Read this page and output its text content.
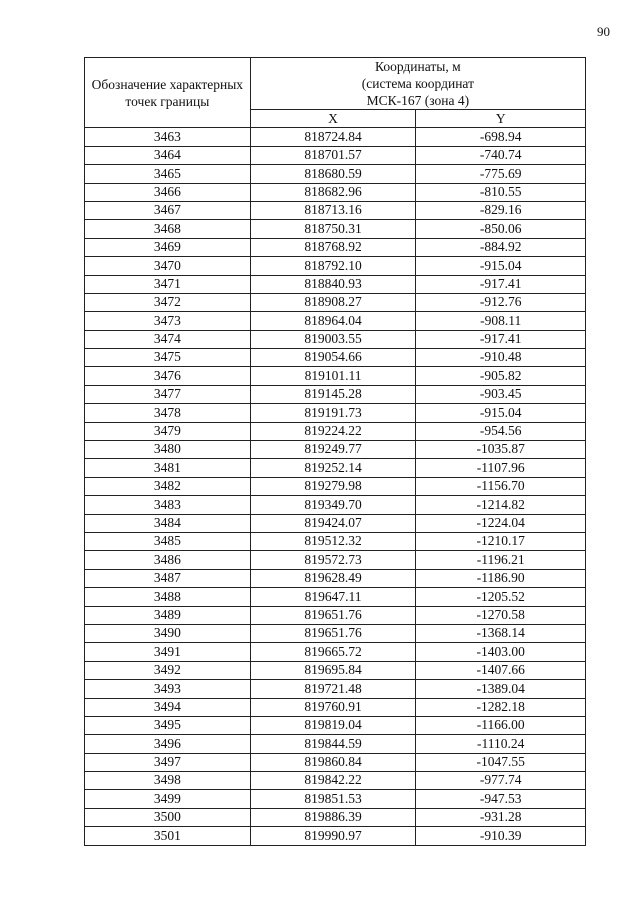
90
Обозначение характерных точек границы	Координаты, м
(система координат
МСК-167 (зона 4)	

	X	Y
3463	818724.84	-698.94
3464	818701.57	-740.74
3465	818680.59	-775.69
3466	818682.96	-810.55
3467	818713.16	-829.16
3468	818750.31	-850.06
3469	818768.92	-884.92
3470	818792.10	-915.04
3471	818840.93	-917.41
3472	818908.27	-912.76
3473	818964.04	-908.11
3474	819003.55	-917.41
3475	819054.66	-910.48
3476	819101.11	-905.82
3477	819145.28	-903.45
3478	819191.73	-915.04
3479	819224.22	-954.56
3480	819249.77	-1035.87
3481	819252.14	-1107.96
3482	819279.98	-1156.70
3483	819349.70	-1214.82
3484	819424.07	-1224.04
3485	819512.32	-1210.17
3486	819572.73	-1196.21
3487	819628.49	-1186.90
3488	819647.11	-1205.52
3489	819651.76	-1270.58
3490	819651.76	-1368.14
3491	819665.72	-1403.00
3492	819695.84	-1407.66
3493	819721.48	-1389.04
3494	819760.91	-1282.18
3495	819819.04	-1166.00
3496	819844.59	-1110.24
3497	819860.84	-1047.55
3498	819842.22	-977.74
3499	819851.53	-947.53
3500	819886.39	-931.28
3501	819990.97	-910.39
